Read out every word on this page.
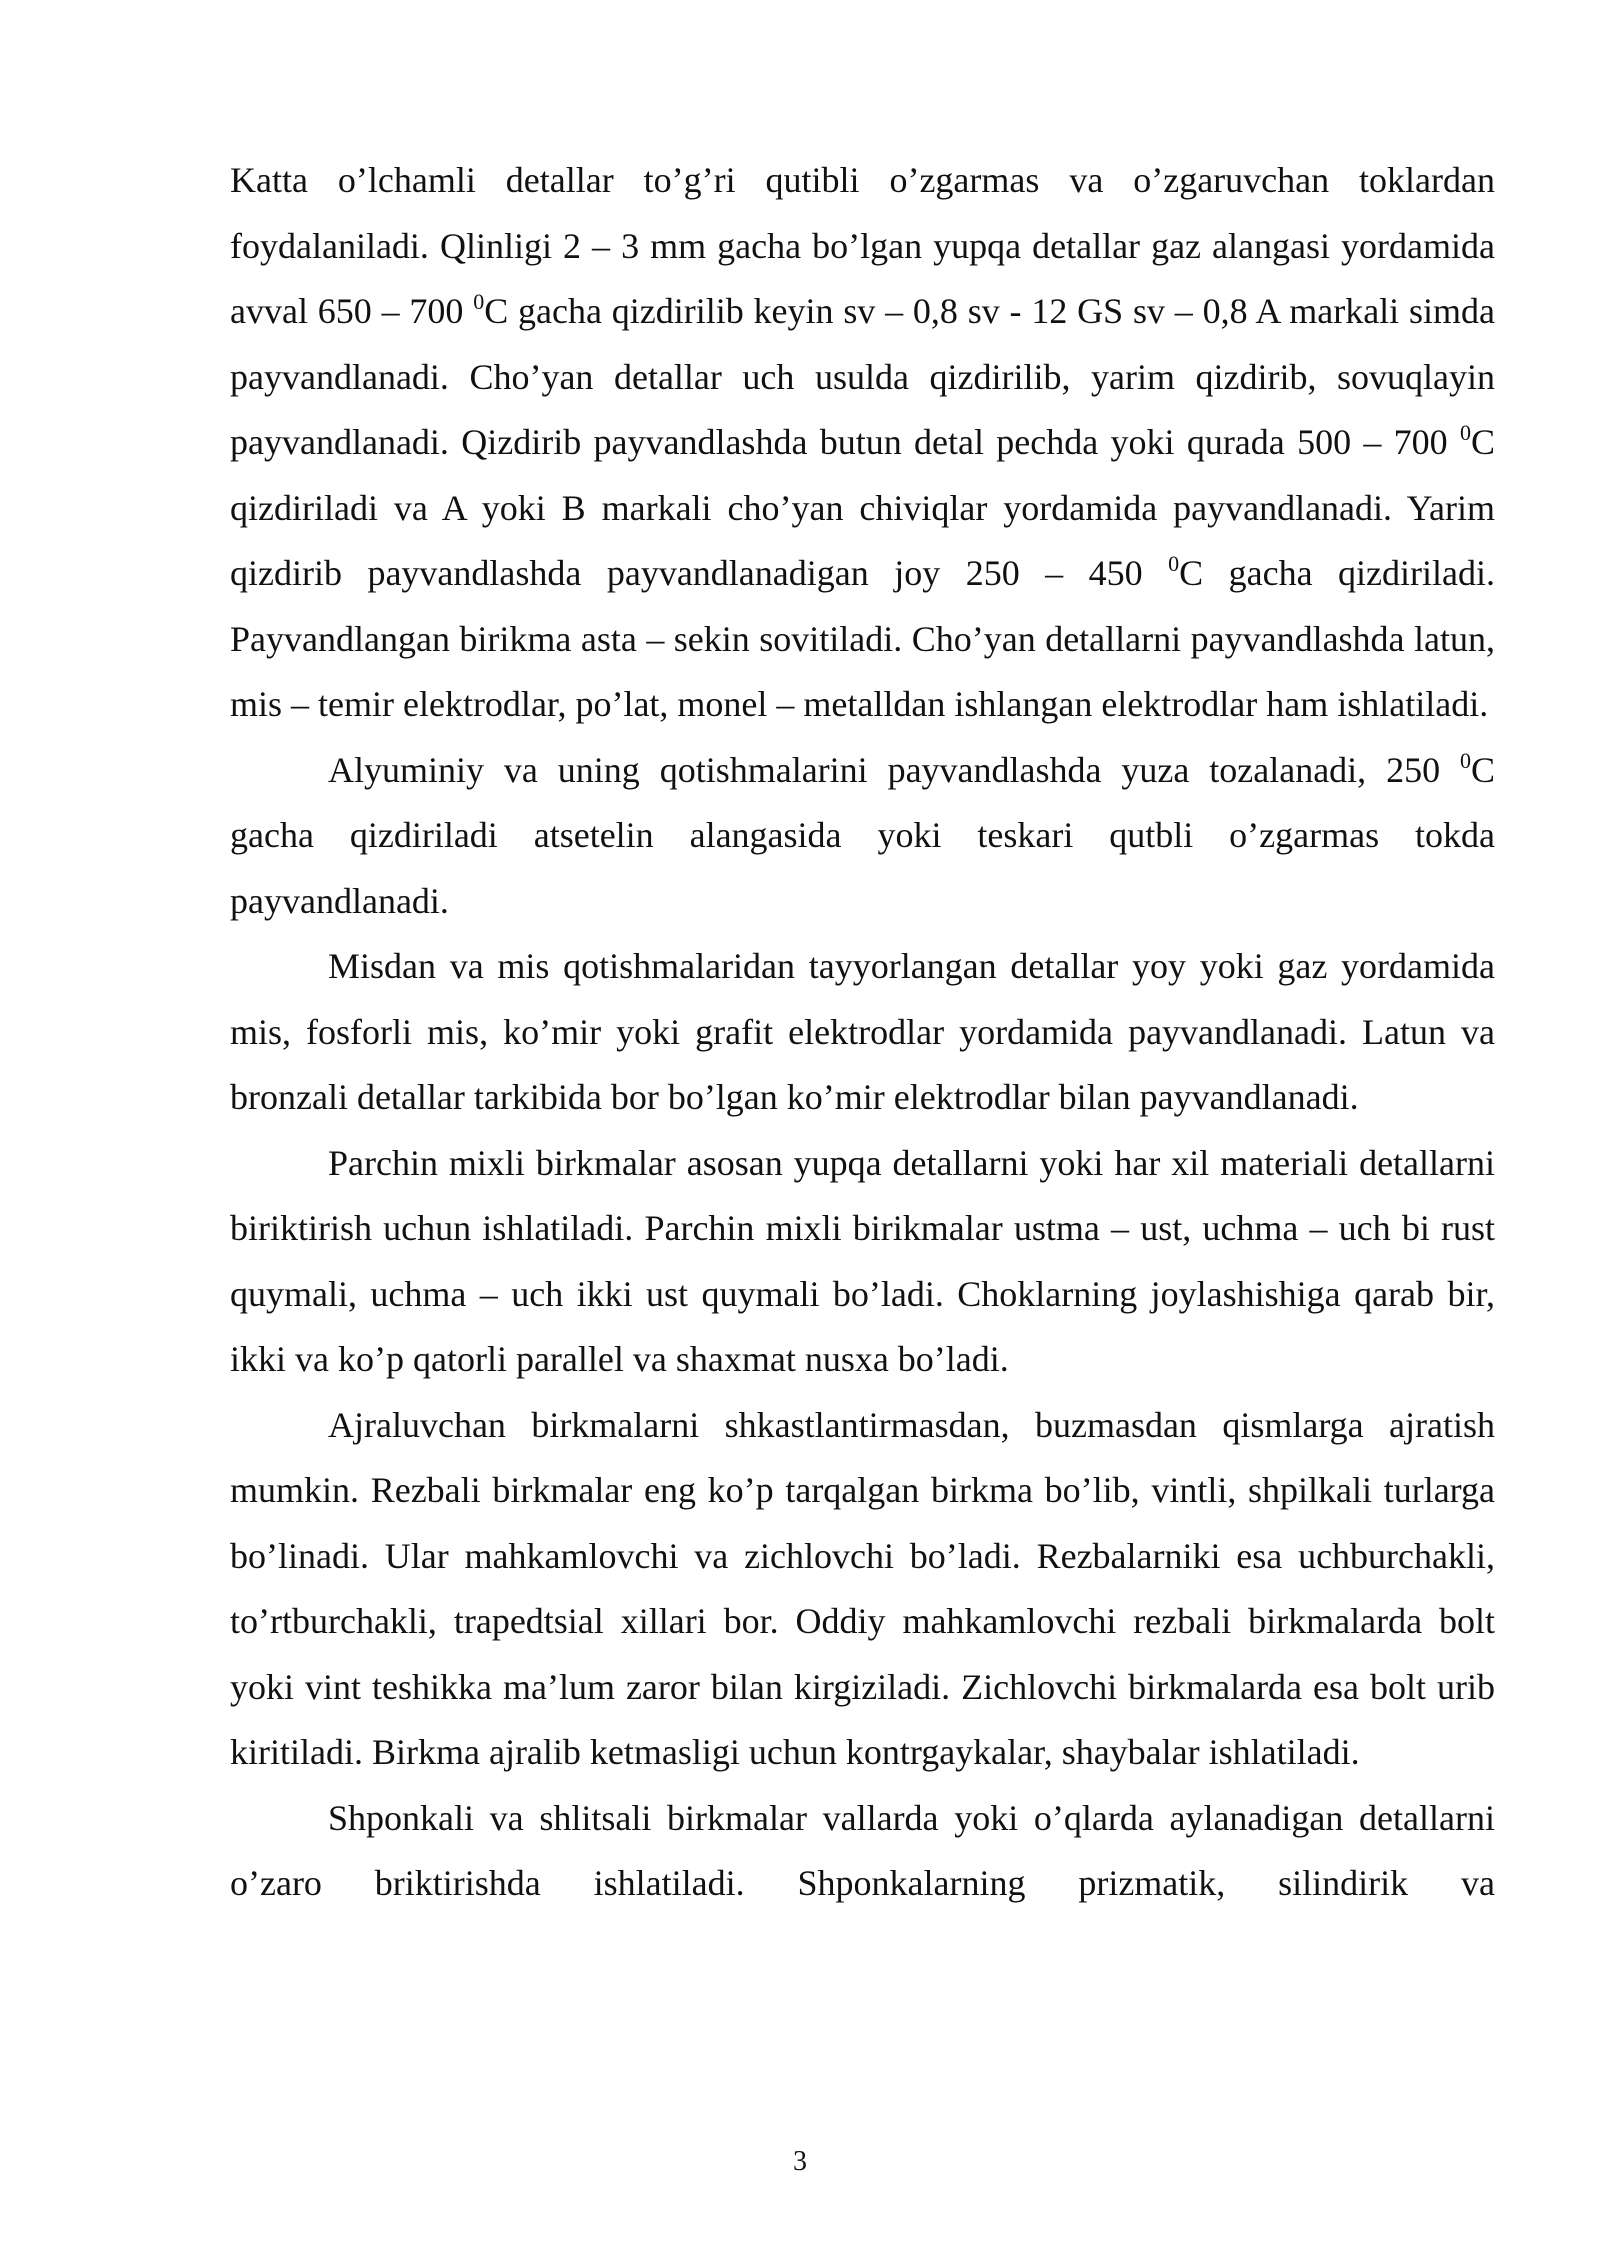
Katta o’lchamli detallar to’g’ri qutibli o’zgarmas va o’zgaruvchan toklardan foydalaniladi. Qlinligi 2 – 3 mm gacha bo’lgan yupqa detallar gaz alangasi yordamida avval 650 – 700 $^0$C gacha qizdirilib keyin sv – 0,8 sv - 12 GS sv – 0,8 A markali simda payvandlanadi. Cho’yan detallar uch usulda qizdirilib, yarim qizdirib, sovuqlayin payvandlanadi. Qizdirib payvandlashda butun detal pechda yoki qurada 500 – 700 $^0$C qizdiriladi va A yoki B markali cho’yan chiviqlar yordamida payvandlanadi. Yarim qizdirib payvandlashda payvandlanadigan joy 250 – 450 $^0$C gacha qizdiriladi. Payvandlangan birikma asta – sekin sovitiladi. Cho’yan detallarni payvandlashda latun, mis – temir elektrodlar, po’lat, monel – metalldan ishlangan elektrodlar ham ishlatiladi.

Alyuminiy va uning qotishmalarini payvandlashda yuza tozalanadi, 250 $^0$C gacha qizdiriladi atsetelin alangasida yoki teskari qutbli o’zgarmas tokda payvandlanadi.

Misdan va mis qotishmalaridan tayyorlangan detallar yoy yoki gaz yordamida mis, fosforli mis, ko’mir yoki grafit elektrodlar yordamida payvandlanadi. Latun va bronzali detallar tarkibida bor bo’lgan ko’mir elektrodlar bilan payvandlanadi.

Parchin mixli birkmalar asosan yupqa detallarni yoki har xil materiali detallarni biriktirish uchun ishlatiladi. Parchin mixli birikmalar ustma – ust, uchma – uch bi rust quymali, uchma – uch ikki ust quymali bo’ladi. Choklarning joylashishiga qarab bir, ikki va ko’p qatorli parallel va shaxmat nusxa bo’ladi.

Ajraluvchan birkmalarni shkastlantirmasdan, buzmasdan qismlarga ajratish mumkin. Rezbali birkmalar eng ko’p tarqalgan birkma bo’lib, vintli, shpilkali turlarga bo’linadi. Ular mahkamlovchi va zichlovchi bo’ladi. Rezbalarniki esa uchburchakli, to’rtburchakli, trapedtsial xillari bor. Oddiy mahkamlovchi rezbali birkmalarda bolt yoki vint teshikka ma’lum zaror bilan kirgiziladi. Zichlovchi birkmalarda esa bolt urib kiritiladi. Birkma ajralib ketmasligi uchun kontrgaykalar, shaybalar ishlatiladi.

Shponkali va shlitsali birkmalar vallarda yoki o’qlarda aylanadigan detallarni o’zaro briktirishda ishlatiladi. Shponkalarning prizmatik, silindirik va

3
